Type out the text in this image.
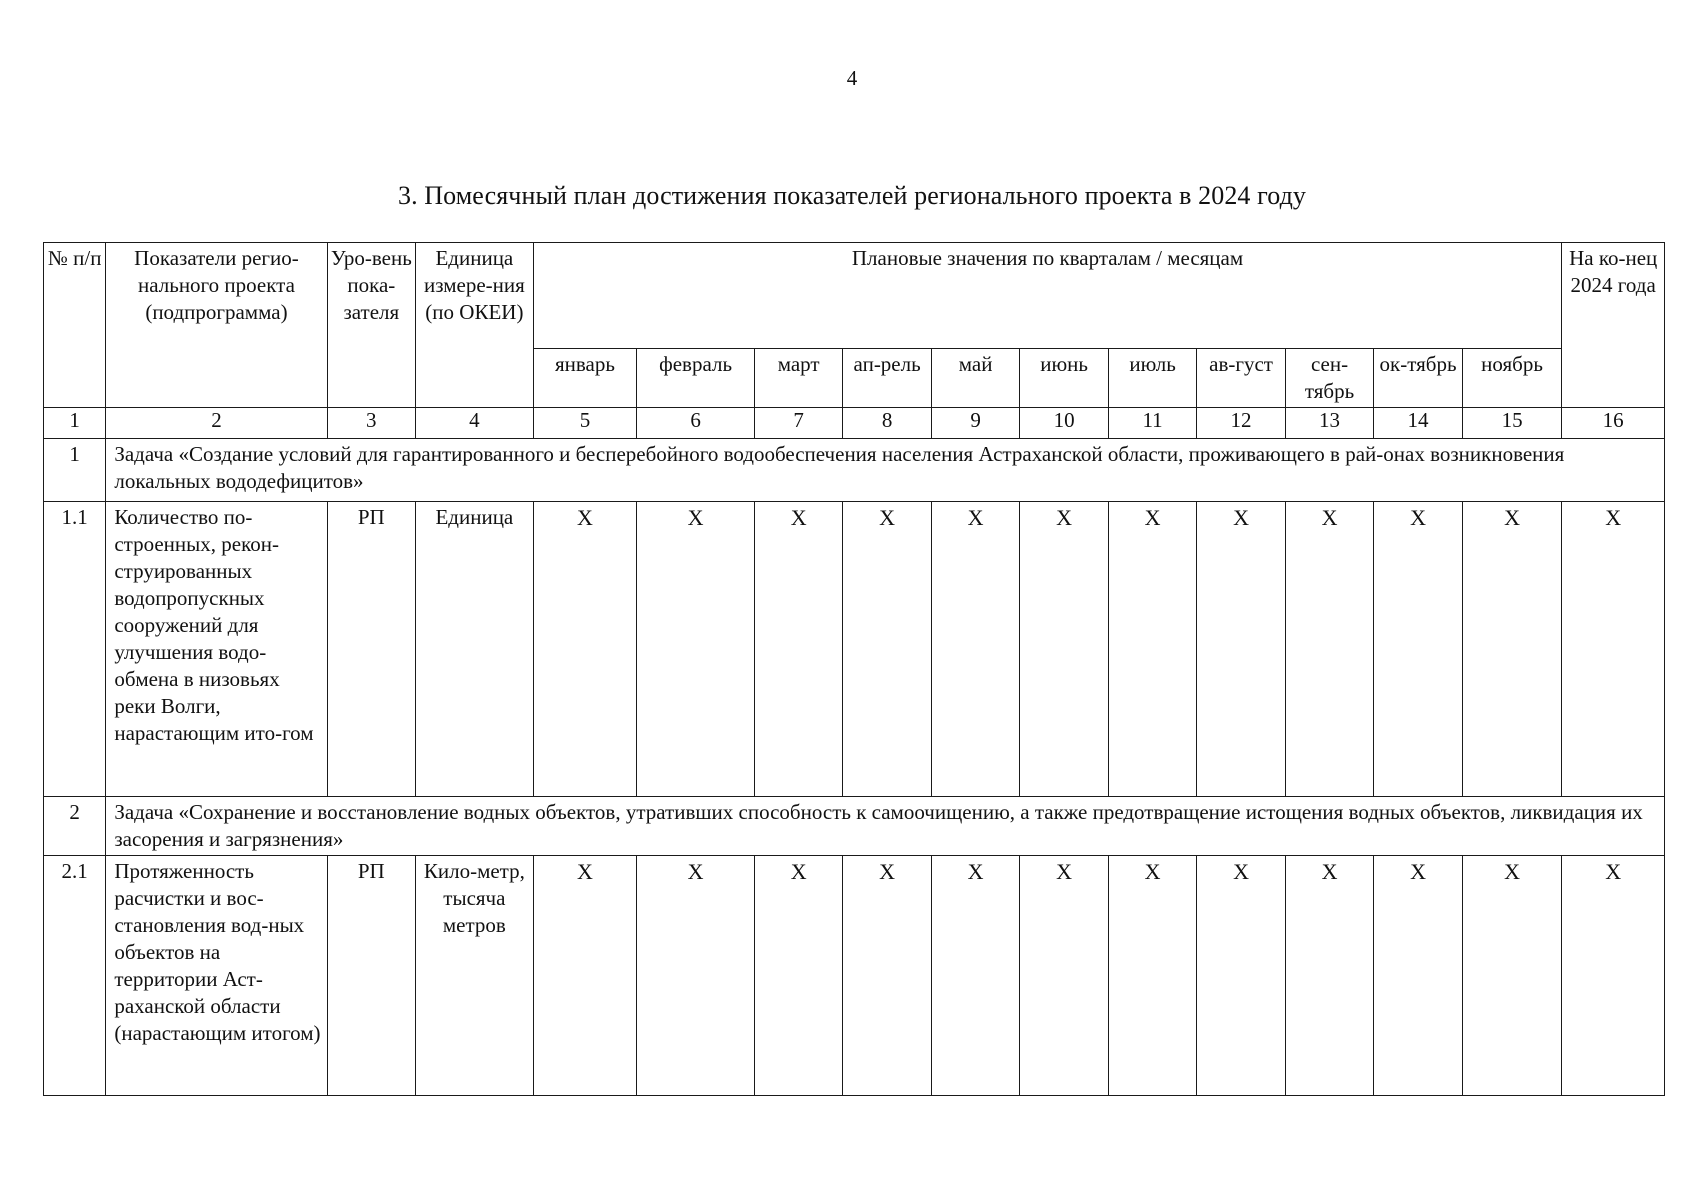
4
3. Помесячный план достижения показателей регионального проекта в 2024 году
№ п/п	Показатели регио-нального проекта (подпрограмма)	Уро-вень пока-зателя	Единица измере-ния (по ОКЕИ)	Плановые значения по кварталам / месяцам											На ко-нец 2024 года
				январь	февраль	март	ап-рель	май	июнь	июль	ав-густ	сен-тябрь	ок-тябрь	ноябрь	
1	2	3	4	5	6	7	8	9	10	11	12	13	14	15	16
1	Задача «Создание условий для гарантированного и бесперебойного водообеспечения населения Астраханской области, проживающего в рай-онах возникновения локальных вододефицитов»														
1.1	Количество по-строенных, рекон-струированных водопропускных сооружений для улучшения водо-обмена в низовьях реки Волги, нарастающим ито-гом	РП	Единица	X	X	X	X	X	X	X	X	X	X	X	X
2	Задача «Сохранение и восстановление водных объектов, утративших способность к самоочищению, а также предотвращение истощения водных объектов, ликвидация их засорения и загрязнения»														
2.1	Протяженность расчистки и вос-становления вод-ных объектов на территории Аст-раханской области (нарастающим итогом)	РП	Кило-метр, тысяча метров	X	X	X	X	X	X	X	X	X	X	X	X
